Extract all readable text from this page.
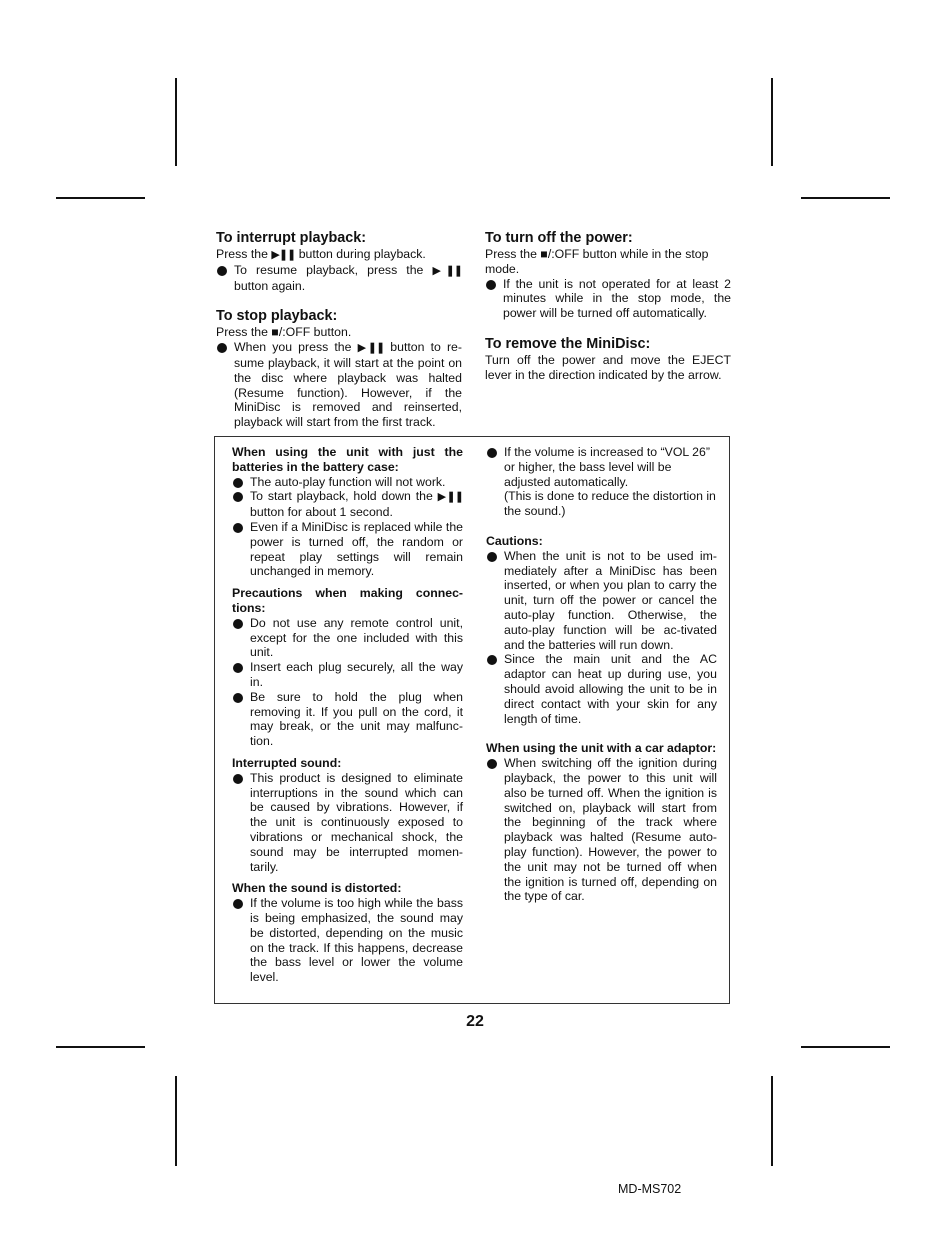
To interrupt playback:

Press the ▶❚❚ button during playback.

To resume playback, press the ▶❚❚ button again.
To stop playback:

Press the ■/:OFF button.

When you press the ▶❚❚ button to re-sume playback, it will start at the point on the disc where playback was halted (Resume function). However, if the MiniDisc is removed and reinserted, playback will start from the first track.
To turn off the power:

Press the ■/:OFF button while in the stop mode.

If the unit is not operated for at least 2 minutes while in the stop mode, the power will be turned off automatically.
To remove the MiniDisc:

Turn off the power and move the EJECT lever in the direction indicated by the arrow.

When using the unit with just the batteries in the battery case:
The auto-play function will not work.
To start playback, hold down the ▶❚❚ button for about 1 second.
Even if a MiniDisc is replaced while the power is turned off, the random or repeat play settings will remain unchanged in memory.
Precautions when making connec-tions:
Do not use any remote control unit, except for the one included with this unit.
Insert each plug securely, all the way in.
Be sure to hold the plug when removing it. If you pull on the cord, it may break, or the unit may malfunc-tion.
Interrupted sound:
This product is designed to eliminate interruptions in the sound which can be caused by vibrations. However, if the unit is continuously exposed to vibrations or mechanical shock, the sound may be interrupted momen-tarily.
When the sound is distorted:
If the volume is too high while the bass is being emphasized, the sound may be distorted, depending on the music on the track. If this happens, decrease the bass level or lower the volume level.
If the volume is increased to “VOL 26” or higher, the bass level will be adjusted automatically.
(This is done to reduce the distortion in the sound.)
Cautions:
When the unit is not to be used im-mediately after a MiniDisc has been inserted, or when you plan to carry the unit, turn off the power or cancel the auto-play function. Otherwise, the auto-play function will be ac-tivated and the batteries will run down.
Since the main unit and the AC adaptor can heat up during use, you should avoid allowing the unit to be in direct contact with your skin for any length of time.
When using the unit with a car adaptor:
When switching off the ignition during playback, the power to this unit will also be turned off. When the ignition is switched on, playback will start from the beginning of the track where playback was halted (Resume auto-play function). However, the power to the unit may not be turned off when the ignition is turned off, depending on the type of car.
22
MD-MS702
